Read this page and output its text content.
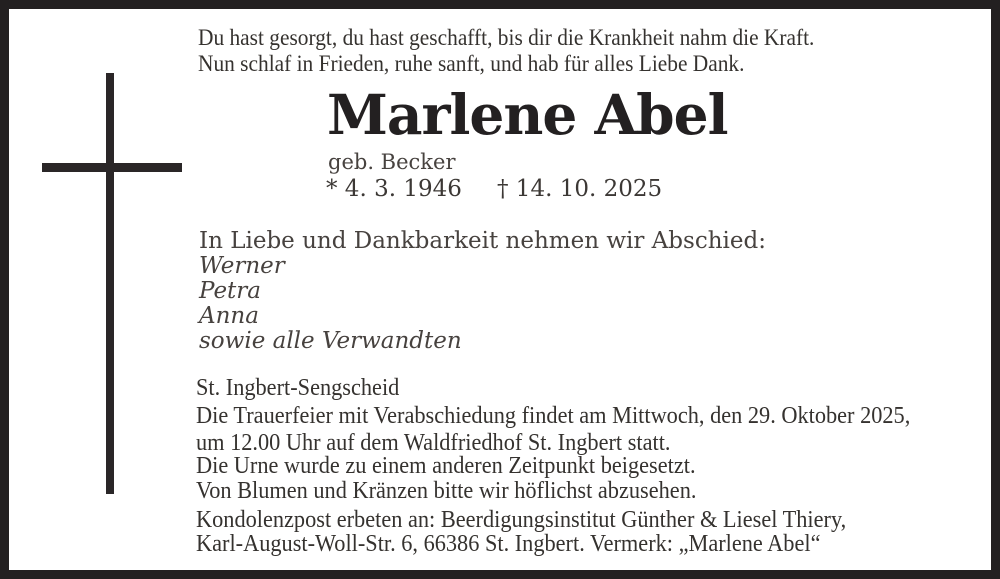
Du hast gesorgt, du hast geschafft, bis dir die Krankheit nahm die Kraft.
Nun schlaf in Frieden, ruhe sanft, und hab für alles Liebe Dank.
Marlene Abel
geb. Becker
* 4. 3. 1946 † 14. 10. 2025
In Liebe und Dankbarkeit nehmen wir Abschied:
Werner
Petra
Anna
sowie alle Verwandten
St. Ingbert-Sengscheid
Die Trauerfeier mit Verabschiedung findet am Mittwoch, den 29. Oktober 2025,
um 12.00 Uhr auf dem Waldfriedhof St. Ingbert statt.
Die Urne wurde zu einem anderen Zeitpunkt beigesetzt.
Von Blumen und Kränzen bitte wir höflichst abzusehen.
Kondolenzpost erbeten an: Beerdigungsinstitut Günther & Liesel Thiery,
Karl-August-Woll-Str. 6, 66386 St. Ingbert. Vermerk: „Marlene Abel“
